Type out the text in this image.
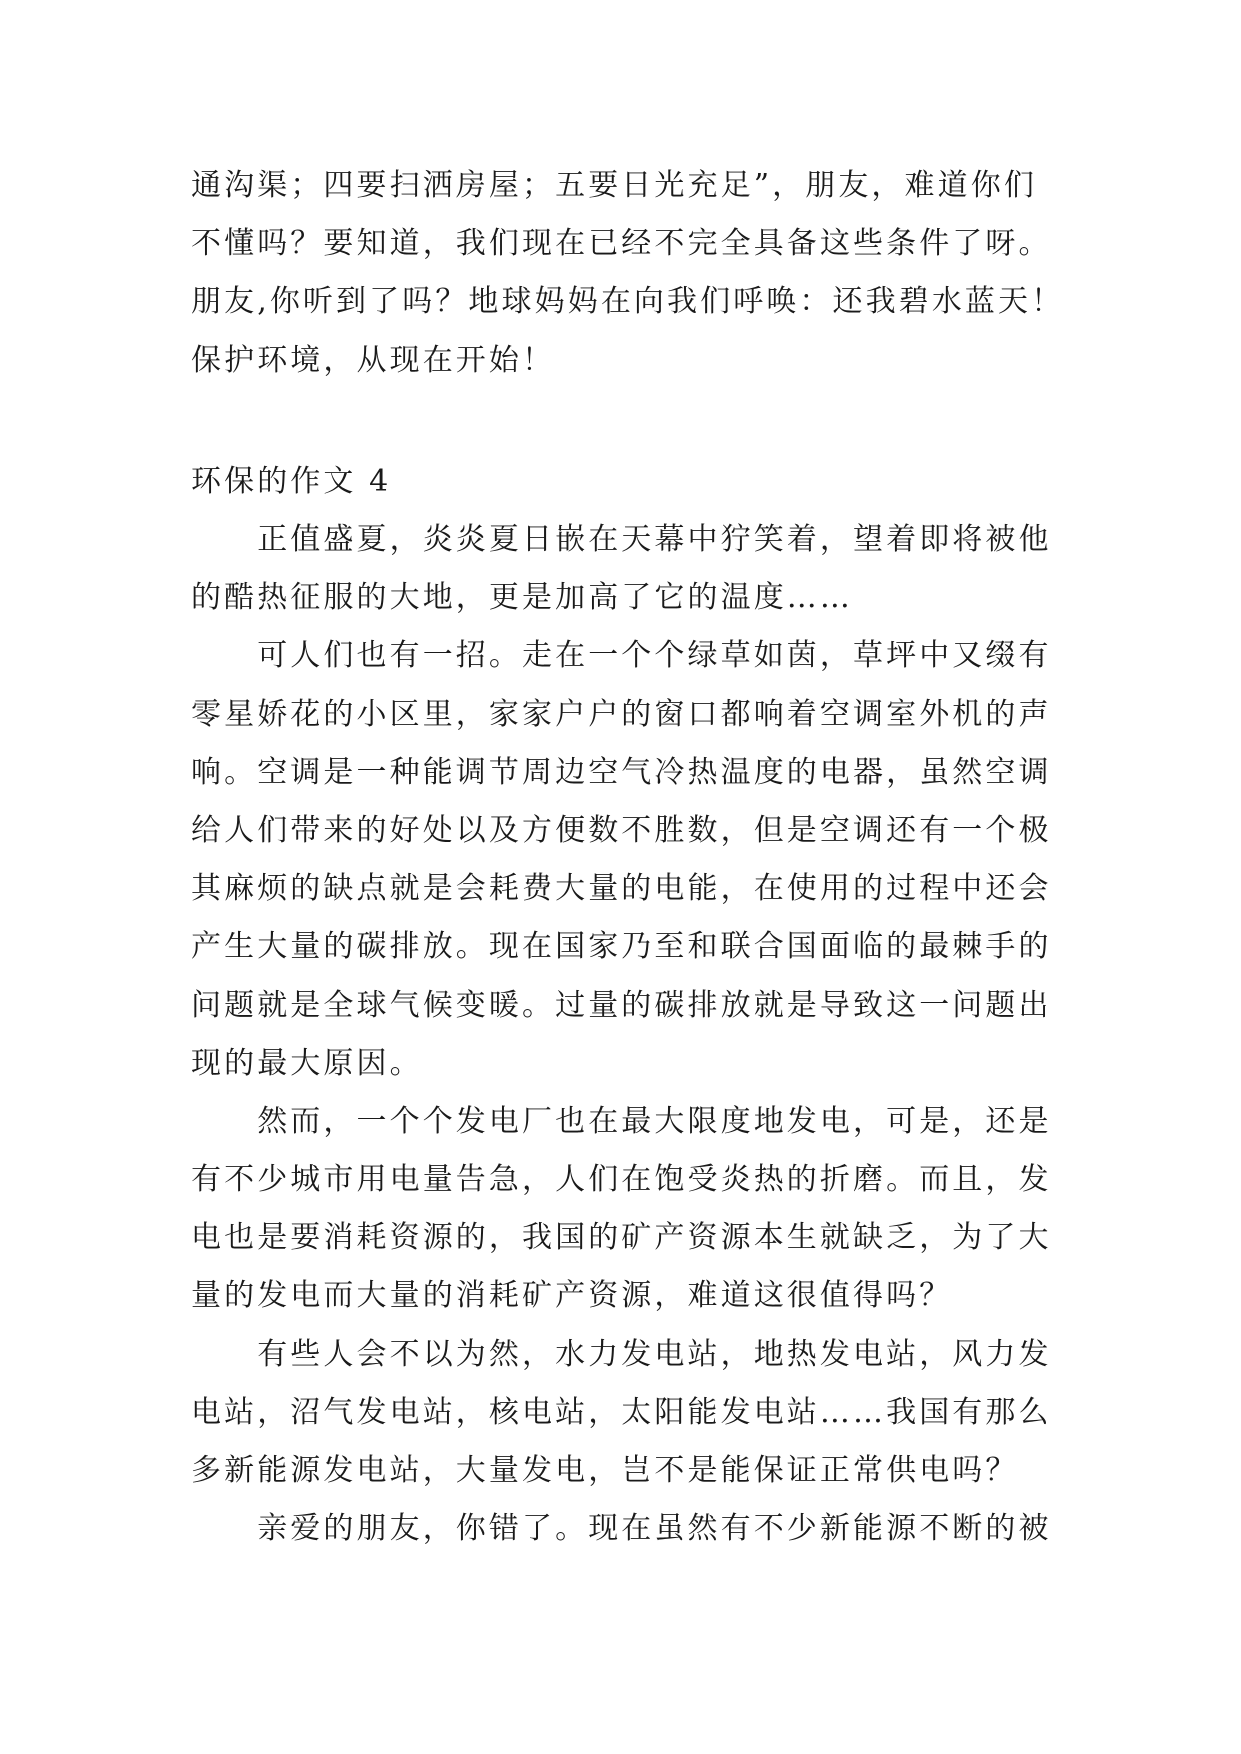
通沟渠；四要扫洒房屋；五要日光充足”，朋友，难道你们
不懂吗？要知道，我们现在已经不完全具备这些条件了呀。
朋友,你听到了吗？地球妈妈在向我们呼唤：还我碧水蓝天！
保护环境，从现在开始！
环保的作文 4
　　正值盛夏，炎炎夏日嵌在天幕中狞笑着，望着即将被他
的酷热征服的大地，更是加高了它的温度……
　　可人们也有一招。走在一个个绿草如茵，草坪中又缀有
零星娇花的小区里，家家户户的窗口都响着空调室外机的声
响。空调是一种能调节周边空气冷热温度的电器，虽然空调
给人们带来的好处以及方便数不胜数，但是空调还有一个极
其麻烦的缺点就是会耗费大量的电能，在使用的过程中还会
产生大量的碳排放。现在国家乃至和联合国面临的最棘手的
问题就是全球气候变暖。过量的碳排放就是导致这一问题出
现的最大原因。
　　然而，一个个发电厂也在最大限度地发电，可是，还是
有不少城市用电量告急，人们在饱受炎热的折磨。而且，发
电也是要消耗资源的，我国的矿产资源本生就缺乏，为了大
量的发电而大量的消耗矿产资源，难道这很值得吗？
　　有些人会不以为然，水力发电站，地热发电站，风力发
电站，沼气发电站，核电站，太阳能发电站……我国有那么
多新能源发电站，大量发电，岂不是能保证正常供电吗？
　　亲爱的朋友，你错了。现在虽然有不少新能源不断的被
